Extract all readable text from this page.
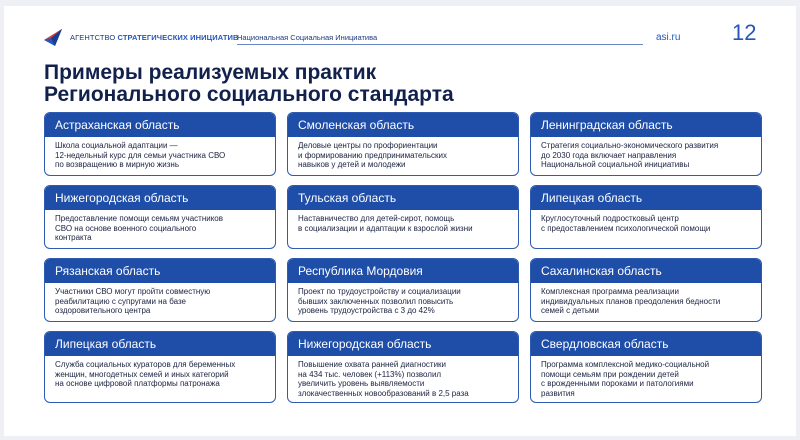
АГЕНТСТВО СТРАТЕГИЧЕСКИХ ИНИЦИАТИВ
Национальная Социальная Инициатива	asi.ru 12
Примеры реализуемых практик
Регионального социального стандарта
Астраханская область
Школа социальной адаптации —
12-недельный курс для семьи участника СВО
по возвращению в мирную жизнь
Смоленская область
Деловые центры по профориентации
и формированию предпринимательских
навыков у детей и молодежи
Ленинградская область
Стратегия социально-экономического развития
до 2030 года включает направления
Национальной социальной инициативы
Нижегородская область
Предоставление помощи семьям участников
СВО на основе военного социального
контракта
Тульская область
Наставничество для детей-сирот, помощь
в социализации и адаптации к взрослой жизни
Липецкая область
Круглосуточный подростковый центр
с предоставлением психологической помощи
Рязанская область
Участники СВО могут пройти совместную
реабилитацию с супругами на базе
оздоровительного центра
Республика Мордовия
Проект по трудоустройству и социализации
бывших заключенных позволил повысить
уровень трудоустройства с 3 до 42%
Сахалинская область
Комплексная программа реализации
индивидуальных планов преодоления бедности
семей с детьми
Липецкая область
Служба социальных кураторов для беременных
женщин, многодетных семей и иных категорий
на основе цифровой платформы патронажа
Нижегородская область
Повышение охвата ранней диагностики
на 434 тыс. человек (+113%) позволил
увеличить уровень выявляемости
злокачественных новообразований в 2,5 раза
Свердловская область
Программа комплексной медико-социальной
помощи семьям при рождении детей
с врожденными пороками и патологиями
развития
